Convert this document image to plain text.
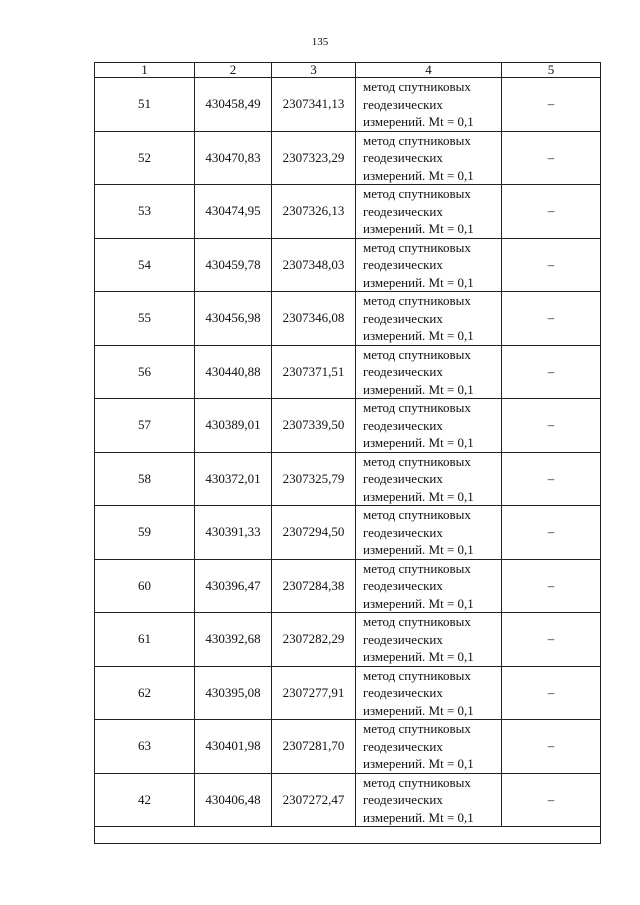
135
1	2	3	4	5
51	430458,49	2307341,13	метод спутниковых
геодезических
измерений. Mt = 0,1	–
52	430470,83	2307323,29	метод спутниковых
геодезических
измерений. Mt = 0,1	–
53	430474,95	2307326,13	метод спутниковых
геодезических
измерений. Mt = 0,1	–
54	430459,78	2307348,03	метод спутниковых
геодезических
измерений. Mt = 0,1	–
55	430456,98	2307346,08	метод спутниковых
геодезических
измерений. Mt = 0,1	–
56	430440,88	2307371,51	метод спутниковых
геодезических
измерений. Mt = 0,1	–
57	430389,01	2307339,50	метод спутниковых
геодезических
измерений. Mt = 0,1	–
58	430372,01	2307325,79	метод спутниковых
геодезических
измерений. Mt = 0,1	–
59	430391,33	2307294,50	метод спутниковых
геодезических
измерений. Mt = 0,1	–
60	430396,47	2307284,38	метод спутниковых
геодезических
измерений. Mt = 0,1	–
61	430392,68	2307282,29	метод спутниковых
геодезических
измерений. Mt = 0,1	–
62	430395,08	2307277,91	метод спутниковых
геодезических
измерений. Mt = 0,1	–
63	430401,98	2307281,70	метод спутниковых
геодезических
измерений. Mt = 0,1	–
42	430406,48	2307272,47	метод спутниковых
геодезических
измерений. Mt = 0,1	–
